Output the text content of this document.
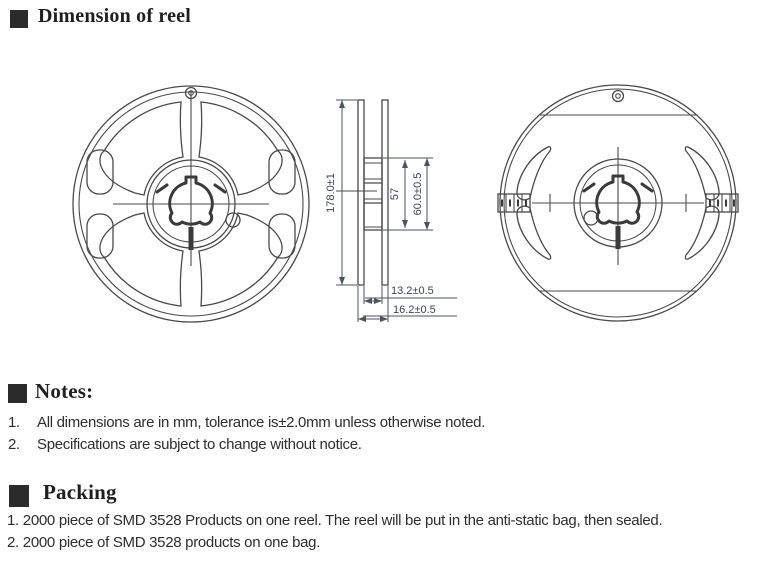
Dimension of reel
178.0±1	57 60.0±0.5
13.2±0.5
16.2±0.5
Notes:
1. All dimensions are in mm, tolerance is±2.0mm unless otherwise noted.
2. Specifications are subject to change without notice.
Packing
1. 2000 piece of SMD 3528 Products on one reel. The reel will be put in the anti-static bag, then sealed.
2. 2000 piece of SMD 3528 products on one bag.
